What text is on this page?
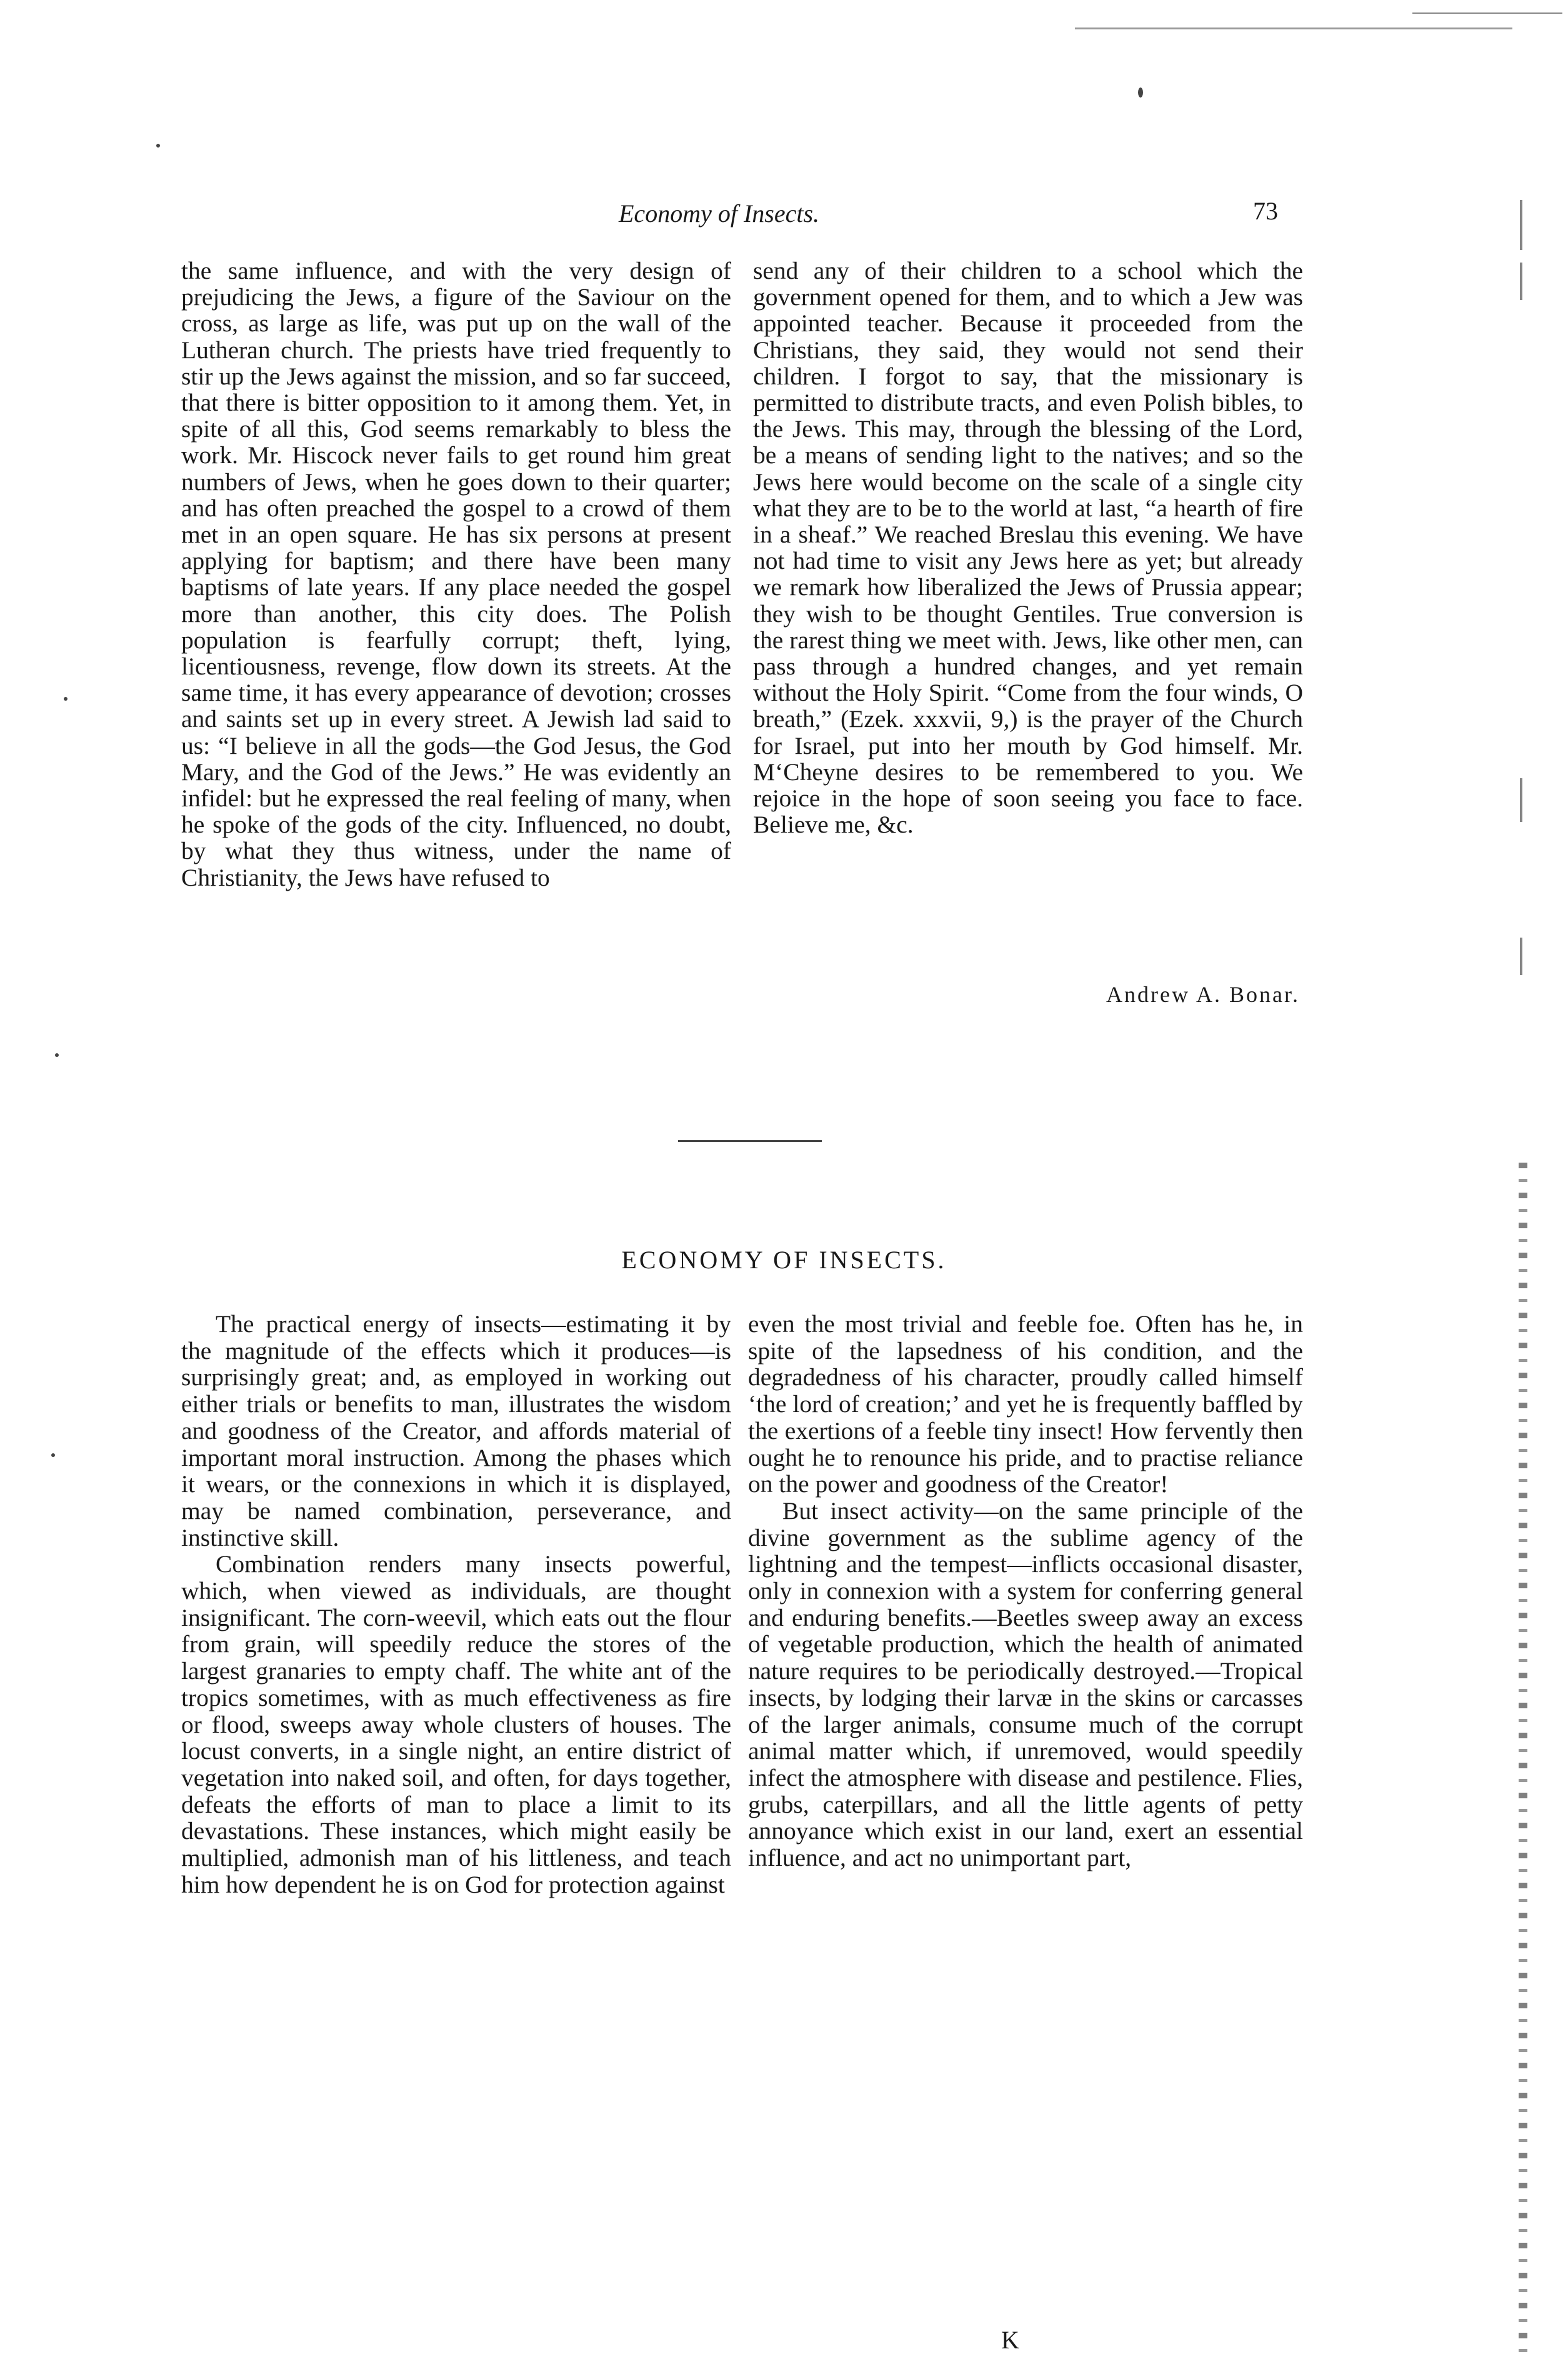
Economy of Insects.	73

the same influence, and with the very design of prejudicing the Jews, a figure of the Saviour on the cross, as large as life, was put up on the wall of the Lutheran church. The priests have tried frequently to stir up the Jews against the mission, and so far succeed, that there is bitter opposition to it among them. Yet, in spite of all this, God seems remarkably to bless the work. Mr. Hiscock never fails to get round him great numbers of Jews, when he goes down to their quarter; and has often preached the gospel to a crowd of them met in an open square. He has six persons at present applying for baptism; and there have been many baptisms of late years. If any place needed the gospel more than another, this city does. The Polish population is fearfully corrupt; theft, lying, licentiousness, revenge, flow down its streets. At the same time, it has every appearance of devotion; crosses and saints set up in every street. A Jewish lad said to us: “I believe in all the gods—the God Jesus, the God Mary, and the God of the Jews.” He was evidently an infidel: but he expressed the real feeling of many, when he spoke of the gods of the city. Influenced, no doubt, by what they thus witness, under the name of Christianity, the Jews have refused to

send any of their children to a school which the government opened for them, and to which a Jew was appointed teacher. Because it proceeded from the Christians, they said, they would not send their children. I forgot to say, that the missionary is permitted to distribute tracts, and even Polish bibles, to the Jews. This may, through the blessing of the Lord, be a means of sending light to the natives; and so the Jews here would become on the scale of a single city what they are to be to the world at last, “a hearth of fire in a sheaf.” We reached Breslau this evening. We have not had time to visit any Jews here as yet; but already we remark how liberalized the Jews of Prussia appear; they wish to be thought Gentiles. True conversion is the rarest thing we meet with. Jews, like other men, can pass through a hundred changes, and yet remain without the Holy Spirit. “Come from the four winds, O breath,” (Ezek. xxxvii, 9,) is the prayer of the Church for Israel, put into her mouth by God himself. Mr. M‘Cheyne desires to be remembered to you. We rejoice in the hope of soon seeing you face to face. Believe me, &c.

Andrew A. Bonar.
ECONOMY OF INSECTS.

The practical energy of insects—estimating it by the magnitude of the effects which it produces—is surprisingly great; and, as employed in working out either trials or benefits to man, illustrates the wisdom and goodness of the Creator, and affords material of important moral instruction. Among the phases which it wears, or the connexions in which it is displayed, may be named combination, perseverance, and instinctive skill.

Combination renders many insects powerful, which, when viewed as individuals, are thought insignificant. The corn-weevil, which eats out the flour from grain, will speedily reduce the stores of the largest granaries to empty chaff. The white ant of the tropics sometimes, with as much effectiveness as fire or flood, sweeps away whole clusters of houses. The locust converts, in a single night, an entire district of vegetation into naked soil, and often, for days together, defeats the efforts of man to place a limit to its devastations. These instances, which might easily be multiplied, admonish man of his littleness, and teach him how dependent he is on God for protection against

even the most trivial and feeble foe. Often has he, in spite of the lapsedness of his condition, and the degradedness of his character, proudly called himself ‘the lord of creation;’ and yet he is frequently baffled by the exertions of a feeble tiny insect! How fervently then ought he to renounce his pride, and to practise reliance on the power and goodness of the Creator!

But insect activity—on the same principle of the divine government as the sublime agency of the lightning and the tempest—inflicts occasional disaster, only in connexion with a system for conferring general and enduring benefits.—Beetles sweep away an excess of vegetable production, which the health of animated nature requires to be periodically destroyed.—Tropical insects, by lodging their larvæ in the skins or carcasses of the larger animals, consume much of the corrupt animal matter which, if unremoved, would speedily infect the atmosphere with disease and pestilence. Flies, grubs, caterpillars, and all the little agents of petty annoyance which exist in our land, exert an essential influence, and act no unimportant part,

K
